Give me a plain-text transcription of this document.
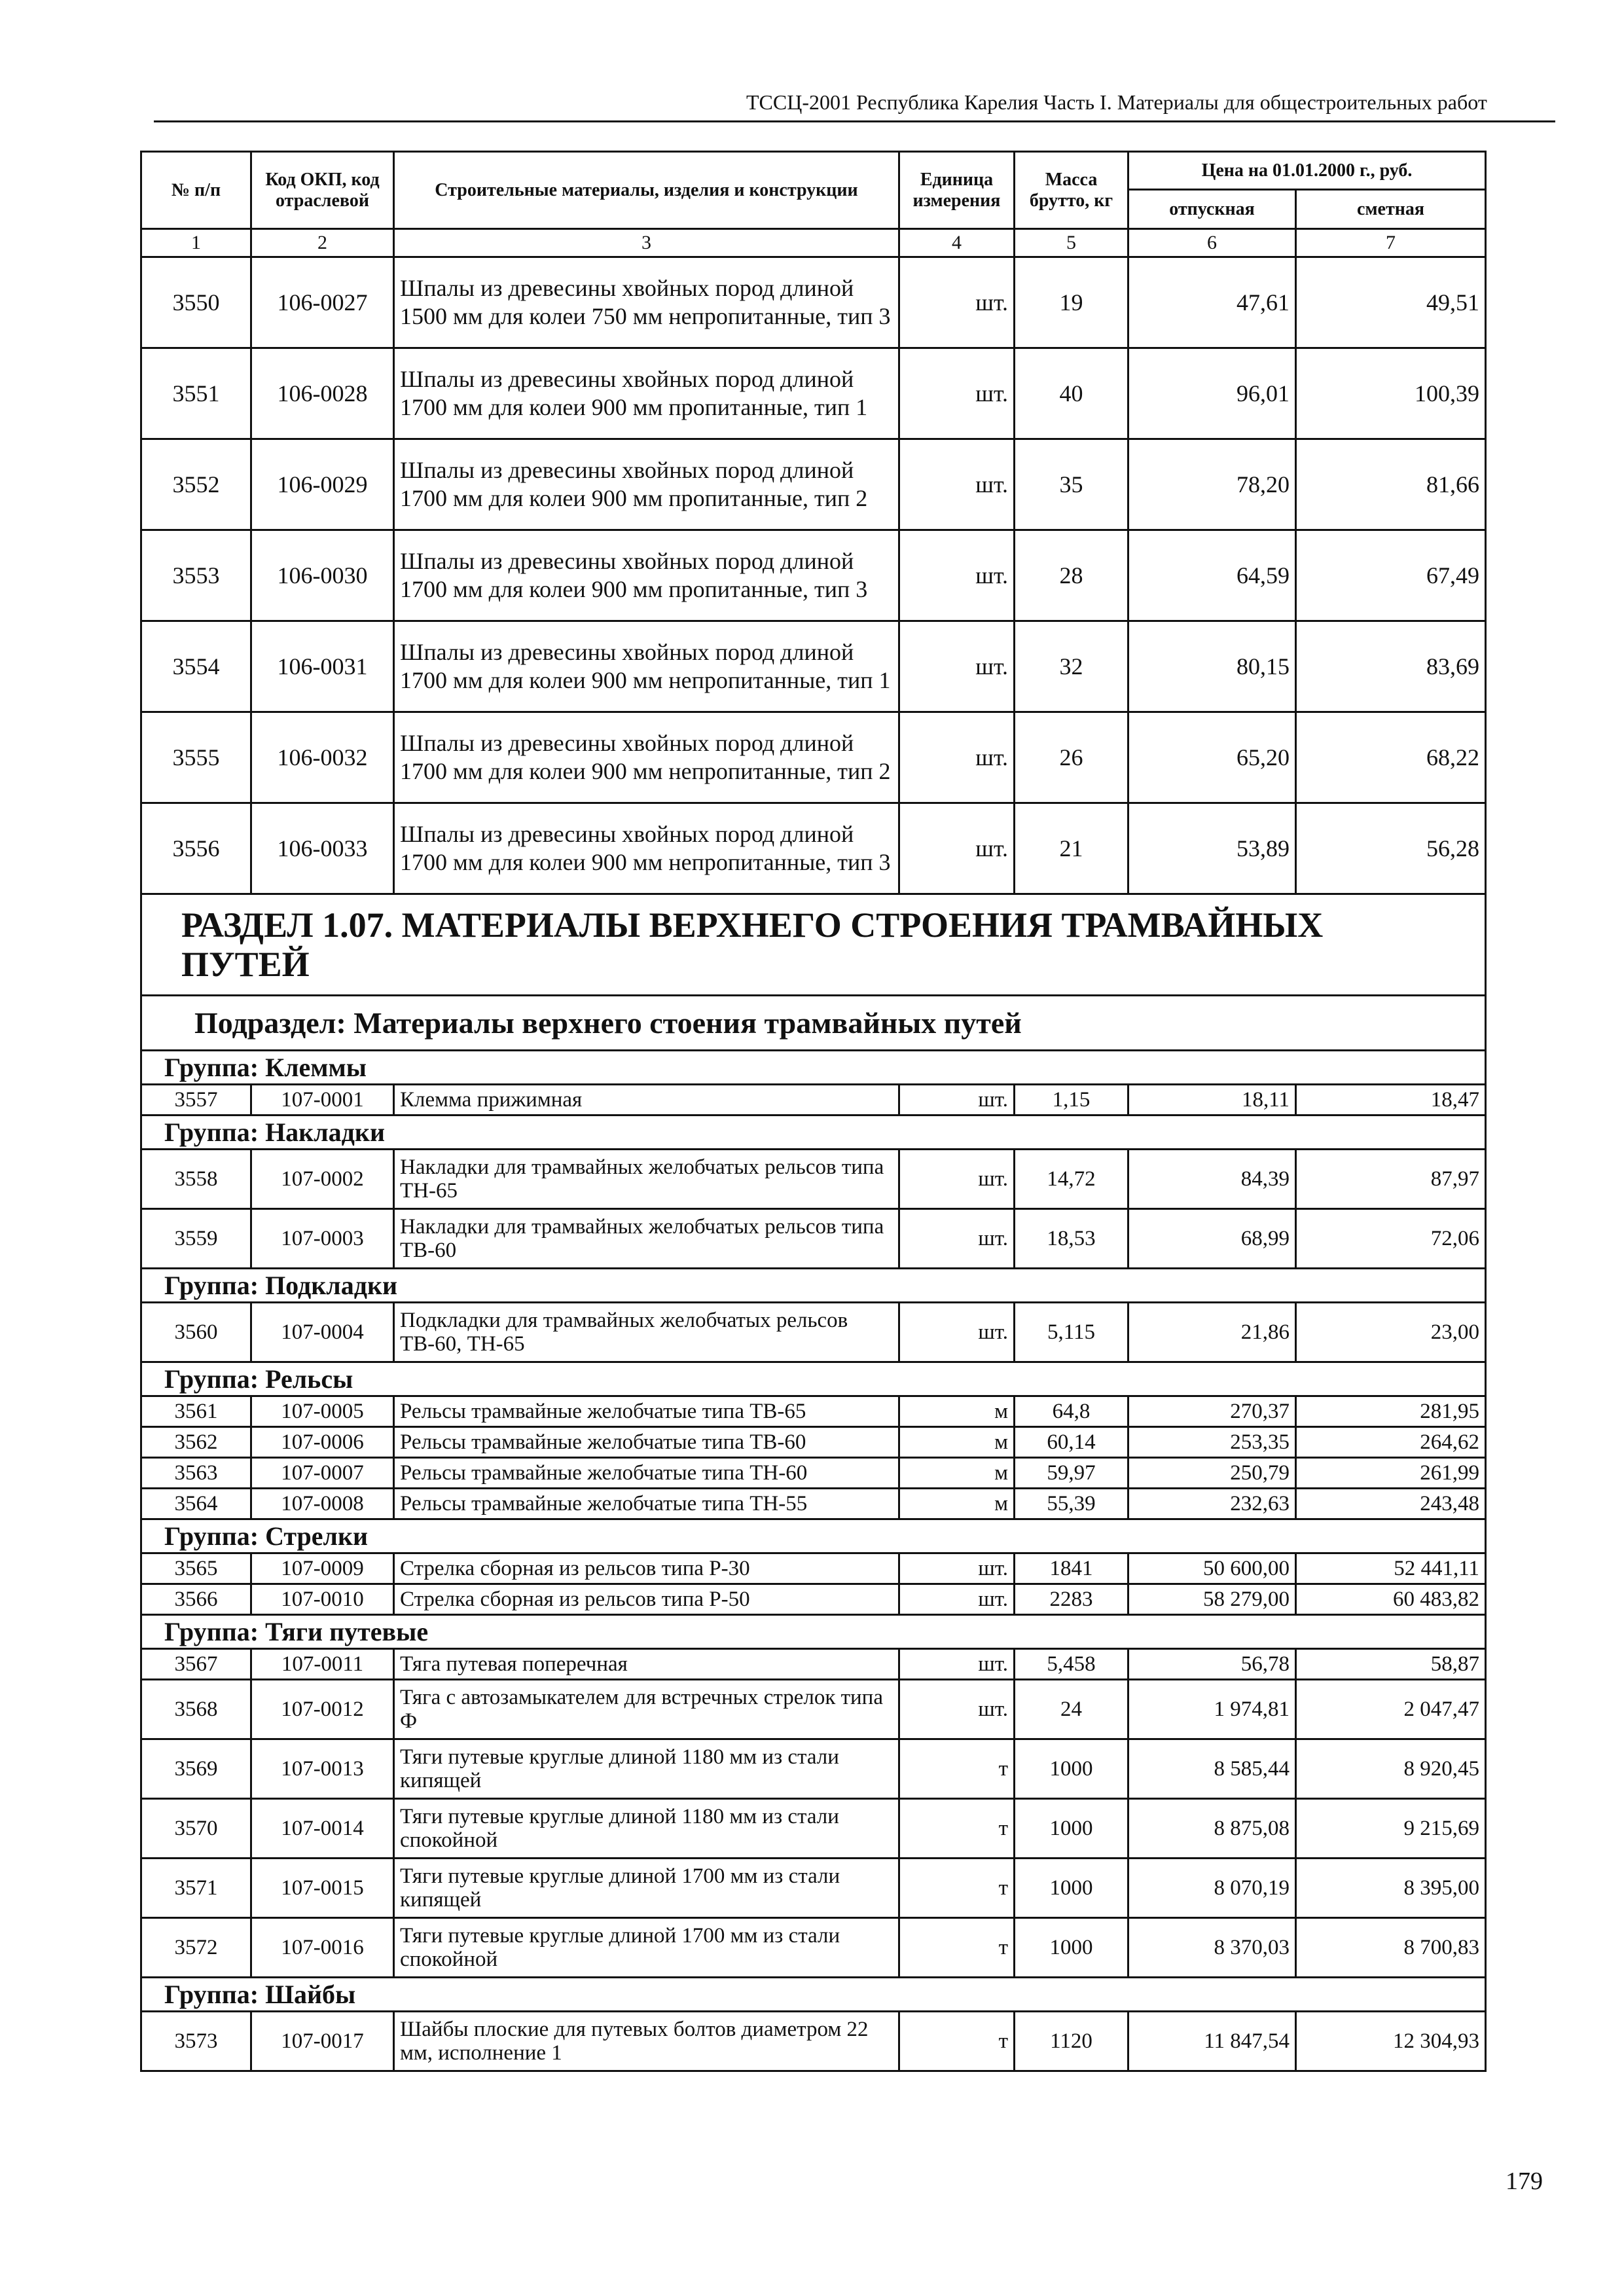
ТССЦ-2001 Республика Карелия Часть I. Материалы для общестроительных работ
№ п/п	Код ОКП, код отраслевой	Строительные материалы, изделия и конструкции	Единица измерения	Масса брутто, кг	Цена на 01.01.2000 г., руб.	
					отпускная	сметная
1	2	3	4	5	6	7
3550	106-0027	Шпалы из древесины хвойных пород длиной 1500 мм для колеи 750 мм непропитанные, тип 3	шт.	19	47,61	49,51
3551	106-0028	Шпалы из древесины хвойных пород длиной 1700 мм для колеи 900 мм пропитанные, тип 1	шт.	40	96,01	100,39
3552	106-0029	Шпалы из древесины хвойных пород длиной 1700 мм для колеи 900 мм пропитанные, тип 2	шт.	35	78,20	81,66
3553	106-0030	Шпалы из древесины хвойных пород длиной 1700 мм для колеи 900 мм пропитанные, тип 3	шт.	28	64,59	67,49
3554	106-0031	Шпалы из древесины хвойных пород длиной 1700 мм для колеи 900 мм непропитанные, тип 1	шт.	32	80,15	83,69
3555	106-0032	Шпалы из древесины хвойных пород длиной 1700 мм для колеи 900 мм непропитанные, тип 2	шт.	26	65,20	68,22
3556	106-0033	Шпалы из древесины хвойных пород длиной 1700 мм для колеи 900 мм непропитанные, тип 3	шт.	21	53,89	56,28
РАЗДЕЛ 1.07. МАТЕРИАЛЫ ВЕРХНЕГО СТРОЕНИЯ ТРАМВАЙНЫХ ПУТЕЙ						
Подраздел: Материалы верхнего стоения трамвайных путей						
Группа: Клеммы						
3557	107-0001	Клемма прижимная	шт.	1,15	18,11	18,47
Группа: Накладки						
3558	107-0002	Накладки для трамвайных желобчатых рельсов типа ТН-65	шт.	14,72	84,39	87,97
3559	107-0003	Накладки для трамвайных желобчатых рельсов типа ТВ-60	шт.	18,53	68,99	72,06
Группа: Подкладки						
3560	107-0004	Подкладки для трамвайных желобчатых рельсов ТВ-60, ТН-65	шт.	5,115	21,86	23,00
Группа: Рельсы						
3561	107-0005	Рельсы трамвайные желобчатые типа ТВ-65	м	64,8	270,37	281,95
3562	107-0006	Рельсы трамвайные желобчатые типа ТВ-60	м	60,14	253,35	264,62
3563	107-0007	Рельсы трамвайные желобчатые типа ТН-60	м	59,97	250,79	261,99
3564	107-0008	Рельсы трамвайные желобчатые типа ТН-55	м	55,39	232,63	243,48
Группа: Стрелки						
3565	107-0009	Стрелка сборная из рельсов типа Р-30	шт.	1841	50 600,00	52 441,11
3566	107-0010	Стрелка сборная из рельсов типа Р-50	шт.	2283	58 279,00	60 483,82
Группа: Тяги путевые						
3567	107-0011	Тяга путевая поперечная	шт.	5,458	56,78	58,87
3568	107-0012	Тяга с автозамыкателем для встречных стрелок типа Ф	шт.	24	1 974,81	2 047,47
3569	107-0013	Тяги путевые круглые длиной 1180 мм из стали кипящей	т	1000	8 585,44	8 920,45
3570	107-0014	Тяги путевые круглые длиной 1180 мм из стали спокойной	т	1000	8 875,08	9 215,69
3571	107-0015	Тяги путевые круглые длиной 1700 мм из стали кипящей	т	1000	8 070,19	8 395,00
3572	107-0016	Тяги путевые круглые длиной 1700 мм из стали спокойной	т	1000	8 370,03	8 700,83
Группа: Шайбы						
3573	107-0017	Шайбы плоские для путевых болтов диаметром 22 мм, исполнение 1	т	1120	11 847,54	12 304,93
179
